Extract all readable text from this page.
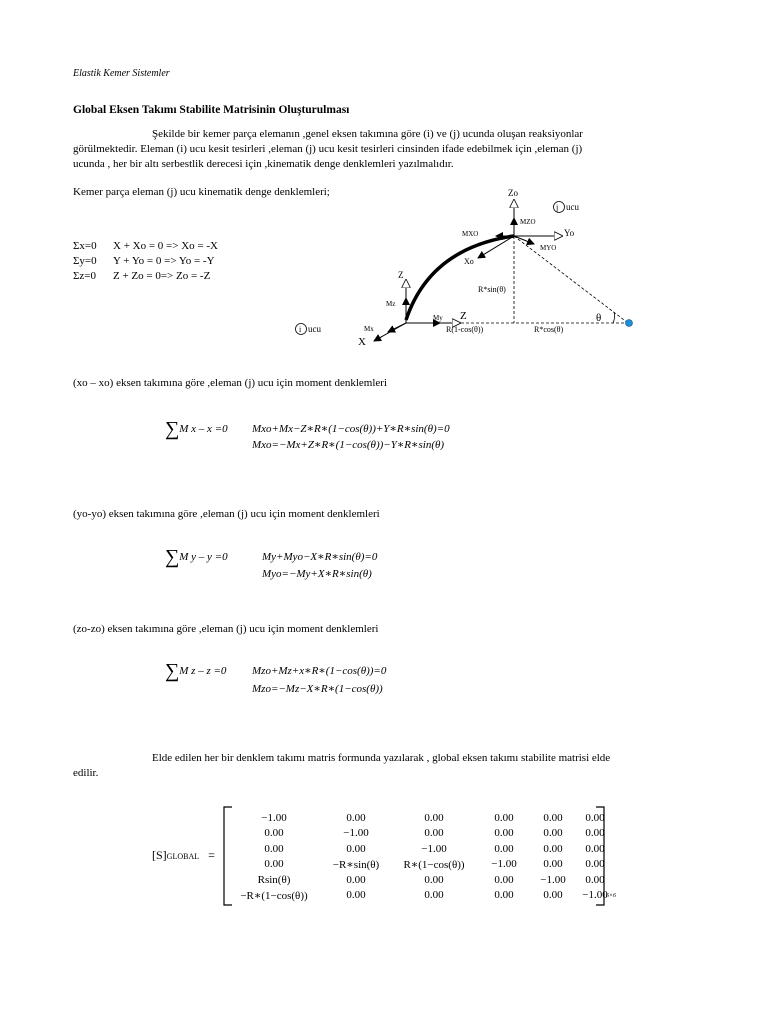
Elastik Kemer Sistemler
Global Eksen Takımı Stabilite Matrisinin Oluşturulması
Şekilde bir kemer parça elemanın ,genel eksen takımına göre (i) ve (j) ucunda oluşan reaksiyonlar
görülmektedir. Eleman (i) ucu kesit tesirleri ,eleman (j) ucu kesit tesirleri cinsinden ifade edebilmek için ,eleman (j)
ucunda , her bir altı serbestlik derecesi için ,kinematik denge denklemleri yazılmalıdır.
Kemer parça eleman (j) ucu kinematik denge denklemleri;
Σx=0 X + Xo = 0 => Xo = -X
Σy=0 Y + Yo = 0 => Yo = -Y
Σz=0 Z + Zo = 0=> Zo = -Z
j ucu
i ucu
Zo
MZO
MXO	Yo
MYO
Xo
R*sin(θ)
Z
Mz
Mx
My Z	θ
X
R(1-cos(θ))	R*cos(θ)
(xo – xo) eksen takımına göre ,eleman (j) ucu için moment denklemleri
∑M x – x =0 Mxo+Mx−Z∗R∗(1−cos(θ))+Y∗R∗sin(θ)=0
Mxo=−Mx+Z∗R∗(1−cos(θ))−Y∗R∗sin(θ)
(yo-yo) eksen takımına göre ,eleman (j) ucu için moment denklemleri
∑M y – y =0	My+Myo−X∗R∗sin(θ)=0
Myo=−My+X∗R∗sin(θ)
(zo-zo) eksen takımına göre ,eleman (j) ucu için moment denklemleri
∑M z – z =0 Mzo+Mz+x∗R∗(1−cos(θ))=0
Mzo=−Mz−X∗R∗(1−cos(θ))
Elde edilen her bir denklem takımı matris formunda yazılarak , global eksen takımı stabilite matrisi elde
edilir.
[S]GLOBAL =
6×6
−1.00	0.00	0.00	0.00	0.00	0.00
0.00	−1.00	0.00	0.00	0.00	0.00
0.00	0.00	−1.00	0.00	0.00	0.00
0.00	−R∗sin(θ)	R∗(1−cos(θ))	−1.00	0.00	0.00
Rsin(θ)	0.00	0.00	0.00	−1.00	0.00
−R∗(1−cos(θ))	0.00	0.00	0.00	0.00	−1.00
